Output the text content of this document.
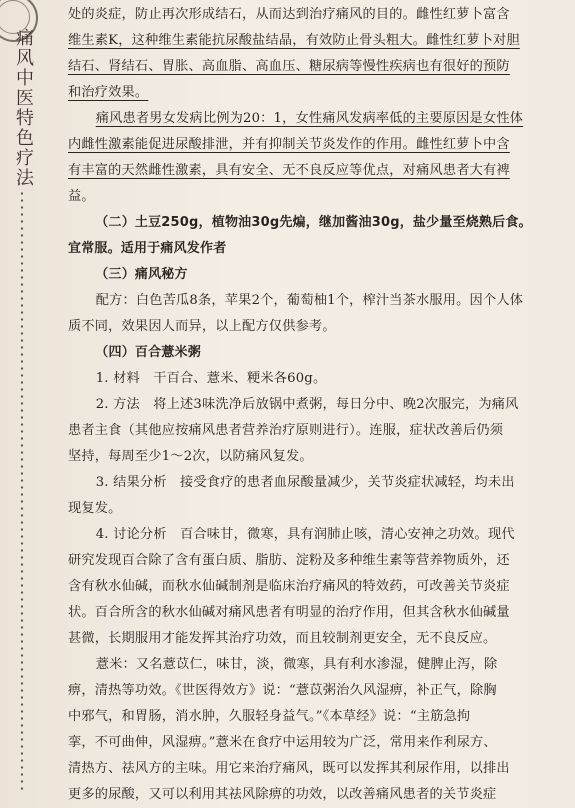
痛风中医特色疗法

处的炎症，防止再次形成结石，从而达到治疗痛风的目的。雌性红萝卜富含

维生素K，这种维生素能抗尿酸盐结晶，有效防止骨头粗大。雌性红萝卜对胆

结石、肾结石、胃胀、高血脂、高血压、糖尿病等慢性疾病也有很好的预防

和治疗效果。

痛风患者男女发病比例为20：1，女性痛风发病率低的主要原因是女性体

内雌性激素能促进尿酸排泄，并有抑制关节炎发作的作用。雌性红萝卜中含

有丰富的天然雌性激素，具有安全、无不良反应等优点，对痛风患者大有裨

益。

（二）土豆250g，植物油30g先煸，继加酱油30g，盐少量至烧熟后食。

宜常服。适用于痛风发作者

（三）痛风秘方

配方：白色苦瓜8条，苹果2个，葡萄柚1个，榨汁当茶水服用。因个人体

质不同，效果因人而异，以上配方仅供参考。

（四）百合薏米粥

1. 材料　干百合、薏米、粳米各60g。

2. 方法　将上述3味洗净后放锅中煮粥，每日分中、晚2次服完，为痛风

患者主食（其他应按痛风患者营养治疗原则进行）。连服，症状改善后仍须

坚持，每周至少1～2次，以防痛风复发。

3. 结果分析　接受食疗的患者血尿酸量减少，关节炎症状减轻，均未出

现复发。

4. 讨论分析　百合味甘，微寒，具有润肺止咳，清心安神之功效。现代

研究发现百合除了含有蛋白质、脂肪、淀粉及多种维生素等营养物质外，还

含有秋水仙碱，而秋水仙碱制剂是临床治疗痛风的特效药，可改善关节炎症

状。百合所含的秋水仙碱对痛风患者有明显的治疗作用，但其含秋水仙碱量

甚微，长期服用才能发挥其治疗功效，而且较制剂更安全，无不良反应。

薏米：又名薏苡仁，味甘，淡，微寒，具有利水渗湿，健脾止泻，除

痹，清热等功效。《世医得效方》说：“薏苡粥治久风湿痹，补正气，除胸

中邪气，和胃肠，消水肿，久服轻身益气。”《本草经》说：“主筋急拘

挛，不可曲伸，风湿痹。”薏米在食疗中运用较为广泛，常用来作利尿方、

清热方、祛风方的主味。用它来治疗痛风，既可以发挥其利尿作用，以排出

更多的尿酸，又可以利用其祛风除痹的功效，以改善痛风患者的关节炎症
